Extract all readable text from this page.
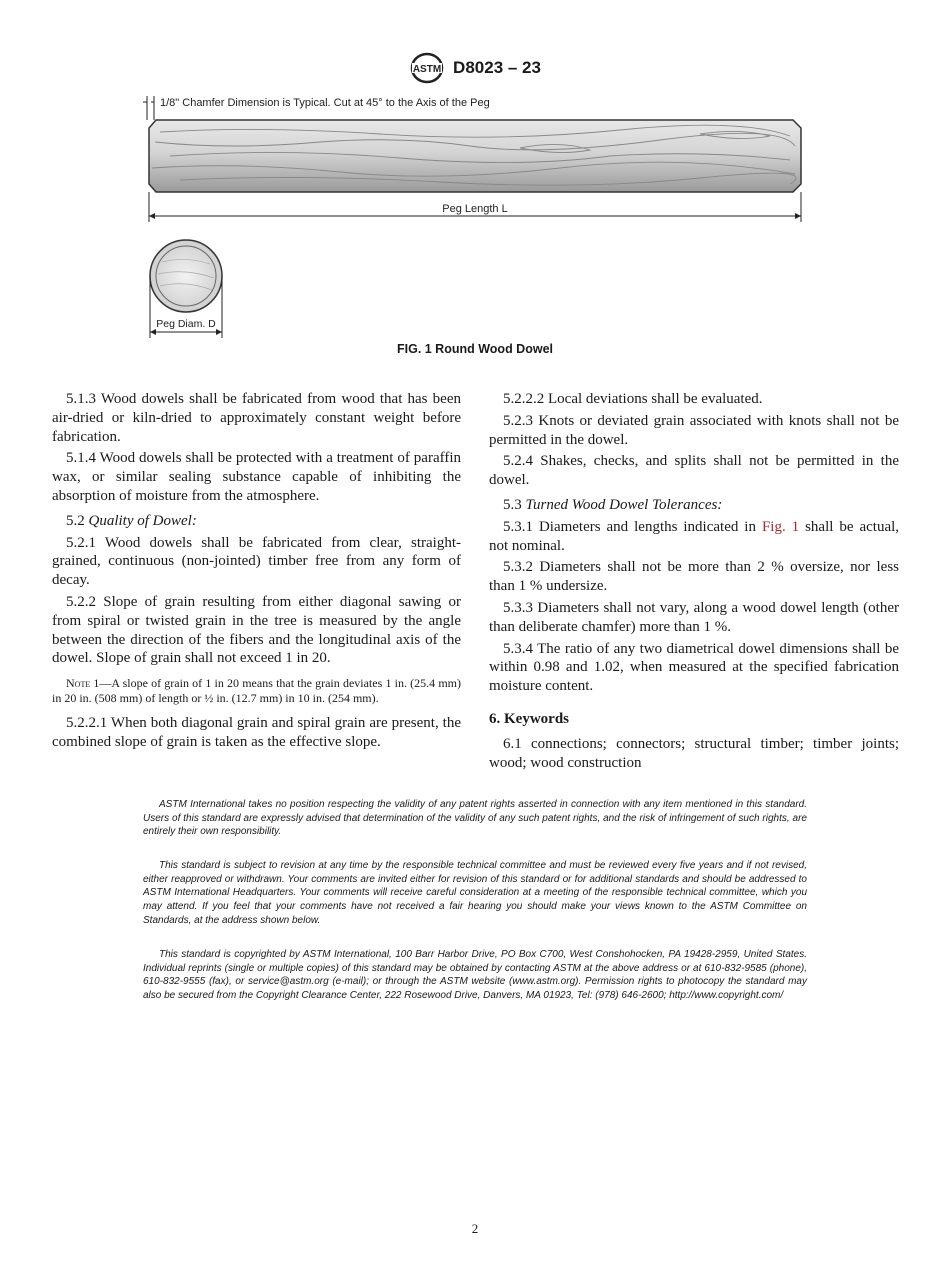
ASTM D8023 – 23
1/8" Chamfer Dimension is Typical. Cut at 45° to the Axis of the Peg
Peg Length L
Peg Diam. D
FIG. 1 Round Wood Dowel

5.1.3 Wood dowels shall be fabricated from wood that has been air-dried or kiln-dried to approximately constant weight before fabrication.

5.1.4 Wood dowels shall be protected with a treatment of paraffin wax, or similar sealing substance capable of inhibiting the absorption of moisture from the atmosphere.

5.2 Quality of Dowel:

5.2.1 Wood dowels shall be fabricated from clear, straight-grained, continuous (non-jointed) timber free from any form of decay.

5.2.2 Slope of grain resulting from either diagonal sawing or from spiral or twisted grain in the tree is measured by the angle between the direction of the fibers and the longitudinal axis of the dowel. Slope of grain shall not exceed 1 in 20.

Note 1—A slope of grain of 1 in 20 means that the grain deviates 1 in. (25.4 mm) in 20 in. (508 mm) of length or ½ in. (12.7 mm) in 10 in. (254 mm).

5.2.2.1 When both diagonal grain and spiral grain are present, the combined slope of grain is taken as the effective slope.

5.2.2.2 Local deviations shall be evaluated.

5.2.3 Knots or deviated grain associated with knots shall not be permitted in the dowel.

5.2.4 Shakes, checks, and splits shall not be permitted in the dowel.

5.3 Turned Wood Dowel Tolerances:

5.3.1 Diameters and lengths indicated in Fig. 1 shall be actual, not nominal.

5.3.2 Diameters shall not be more than 2 % oversize, nor less than 1 % undersize.

5.3.3 Diameters shall not vary, along a wood dowel length (other than deliberate chamfer) more than 1 %.

5.3.4 The ratio of any two diametrical dowel dimensions shall be within 0.98 and 1.02, when measured at the specified fabrication moisture content.

6. Keywords

6.1 connections; connectors; structural timber; timber joints; wood; wood construction

ASTM International takes no position respecting the validity of any patent rights asserted in connection with any item mentioned in this standard. Users of this standard are expressly advised that determination of the validity of any such patent rights, and the risk of infringement of such rights, are entirely their own responsibility.

This standard is subject to revision at any time by the responsible technical committee and must be reviewed every five years and if not revised, either reapproved or withdrawn. Your comments are invited either for revision of this standard or for additional standards and should be addressed to ASTM International Headquarters. Your comments will receive careful consideration at a meeting of the responsible technical committee, which you may attend. If you feel that your comments have not received a fair hearing you should make your views known to the ASTM Committee on Standards, at the address shown below.

This standard is copyrighted by ASTM International, 100 Barr Harbor Drive, PO Box C700, West Conshohocken, PA 19428-2959, United States. Individual reprints (single or multiple copies) of this standard may be obtained by contacting ASTM at the above address or at 610-832-9585 (phone), 610-832-9555 (fax), or service@astm.org (e-mail); or through the ASTM website (www.astm.org). Permission rights to photocopy the standard may also be secured from the Copyright Clearance Center, 222 Rosewood Drive, Danvers, MA 01923, Tel: (978) 646-2600; http://www.copyright.com/

2
